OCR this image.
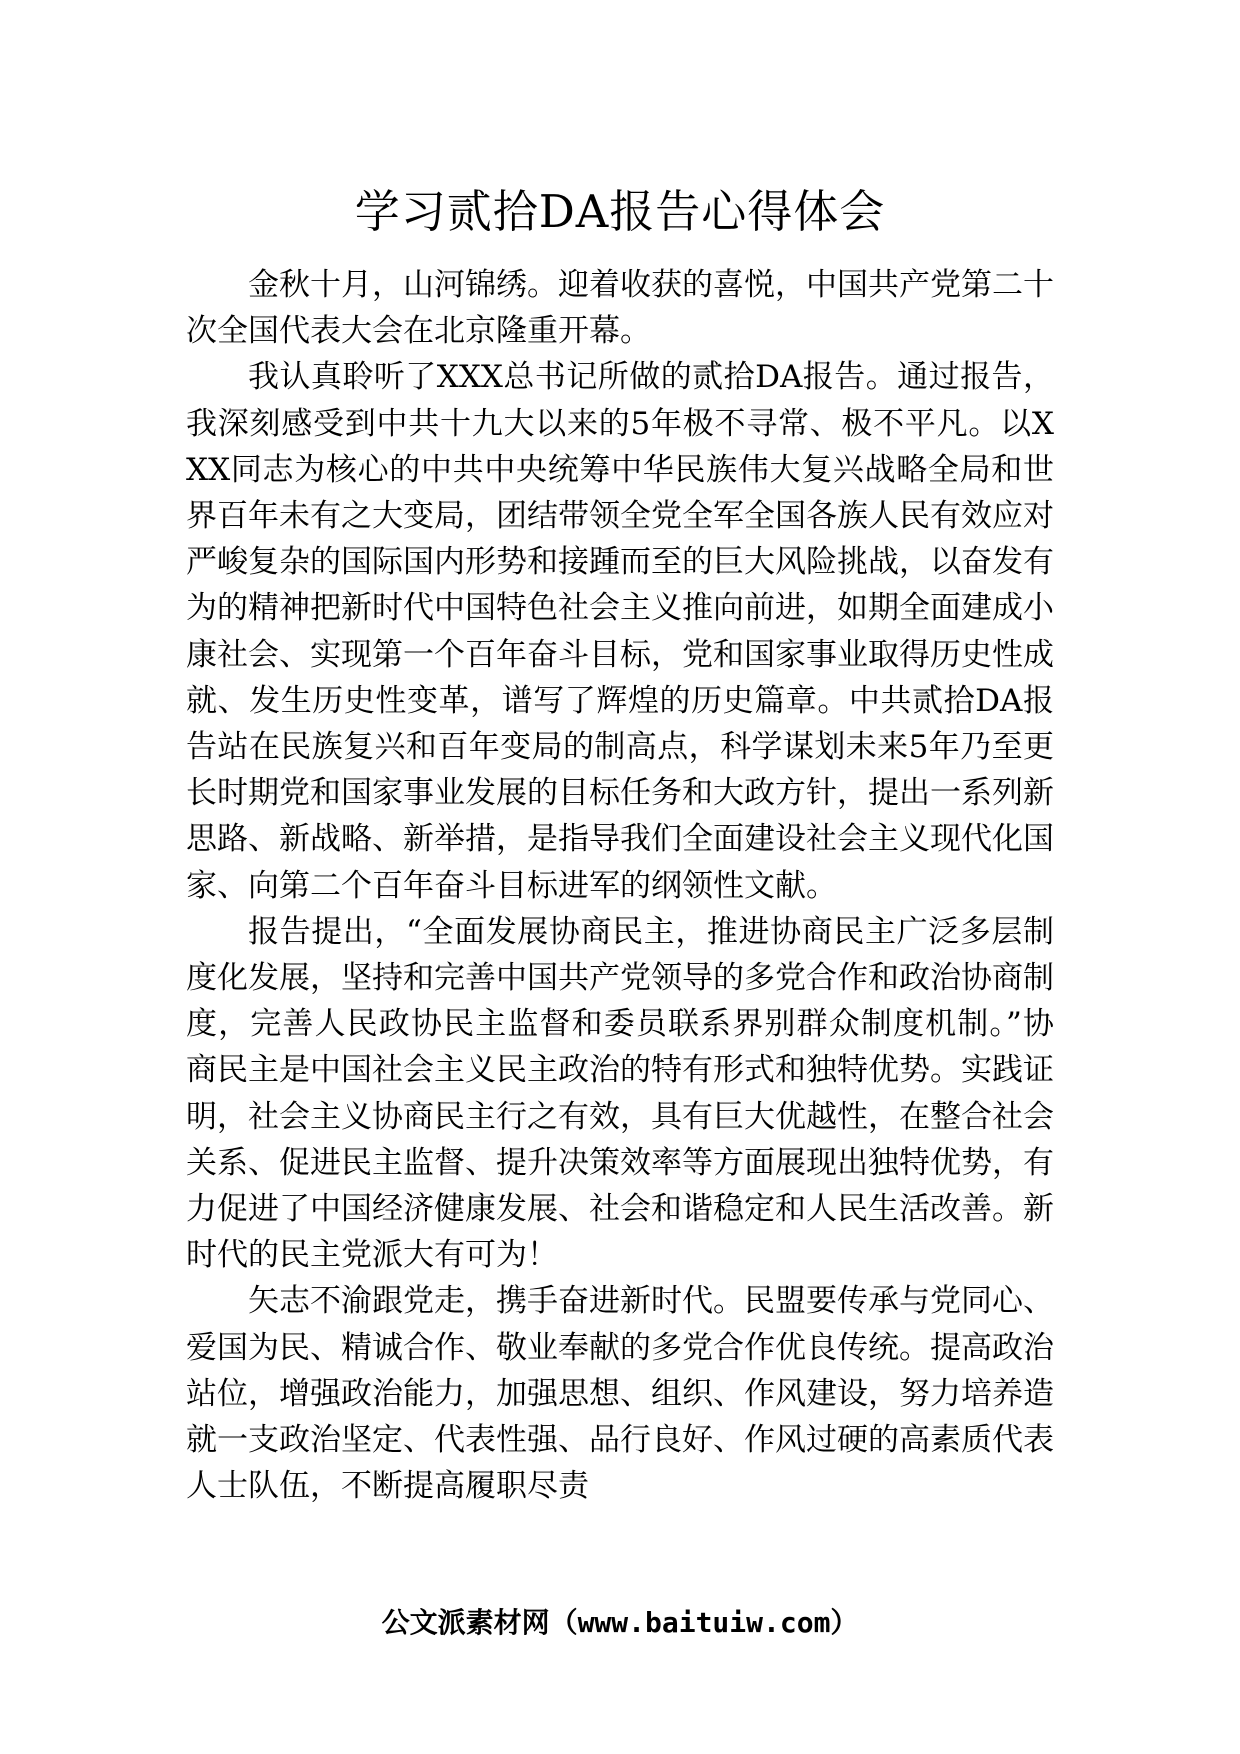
学习贰拾DA报告心得体会

金秋十月，山河锦绣。迎着收获的喜悦，中国共产党第二十次全国代表大会在北京隆重开幕。

我认真聆听了XXX总书记所做的贰拾DA报告。通过报告，我深刻感受到中共十九大以来的5年极不寻常、极不平凡。以XXX同志为核心的中共中央统筹中华民族伟大复兴战略全局和世界百年未有之大变局，团结带领全党全军全国各族人民有效应对严峻复杂的国际国内形势和接踵而至的巨大风险挑战，以奋发有为的精神把新时代中国特色社会主义推向前进，如期全面建成小康社会、实现第一个百年奋斗目标，党和国家事业取得历史性成就、发生历史性变革，谱写了辉煌的历史篇章。中共贰拾DA报告站在民族复兴和百年变局的制高点，科学谋划未来5年乃至更长时期党和国家事业发展的目标任务和大政方针，提出一系列新思路、新战略、新举措，是指导我们全面建设社会主义现代化国家、向第二个百年奋斗目标进军的纲领性文献。

报告提出，“全面发展协商民主，推进协商民主广泛多层制度化发展，坚持和完善中国共产党领导的多党合作和政治协商制度，完善人民政协民主监督和委员联系界别群众制度机制。”协商民主是中国社会主义民主政治的特有形式和独特优势。实践证明，社会主义协商民主行之有效，具有巨大优越性，在整合社会关系、促进民主监督、提升决策效率等方面展现出独特优势，有力促进了中国经济健康发展、社会和谐稳定和人民生活改善。新时代的民主党派大有可为！

矢志不渝跟党走，携手奋进新时代。民盟要传承与党同心、爱国为民、精诚合作、敬业奉献的多党合作优良传统。提高政治站位，增强政治能力，加强思想、组织、作风建设，努力培养造就一支政治坚定、代表性强、品行良好、作风过硬的高素质代表人士队伍，不断提高履职尽责

公文派素材网（www.baituiw.com）
